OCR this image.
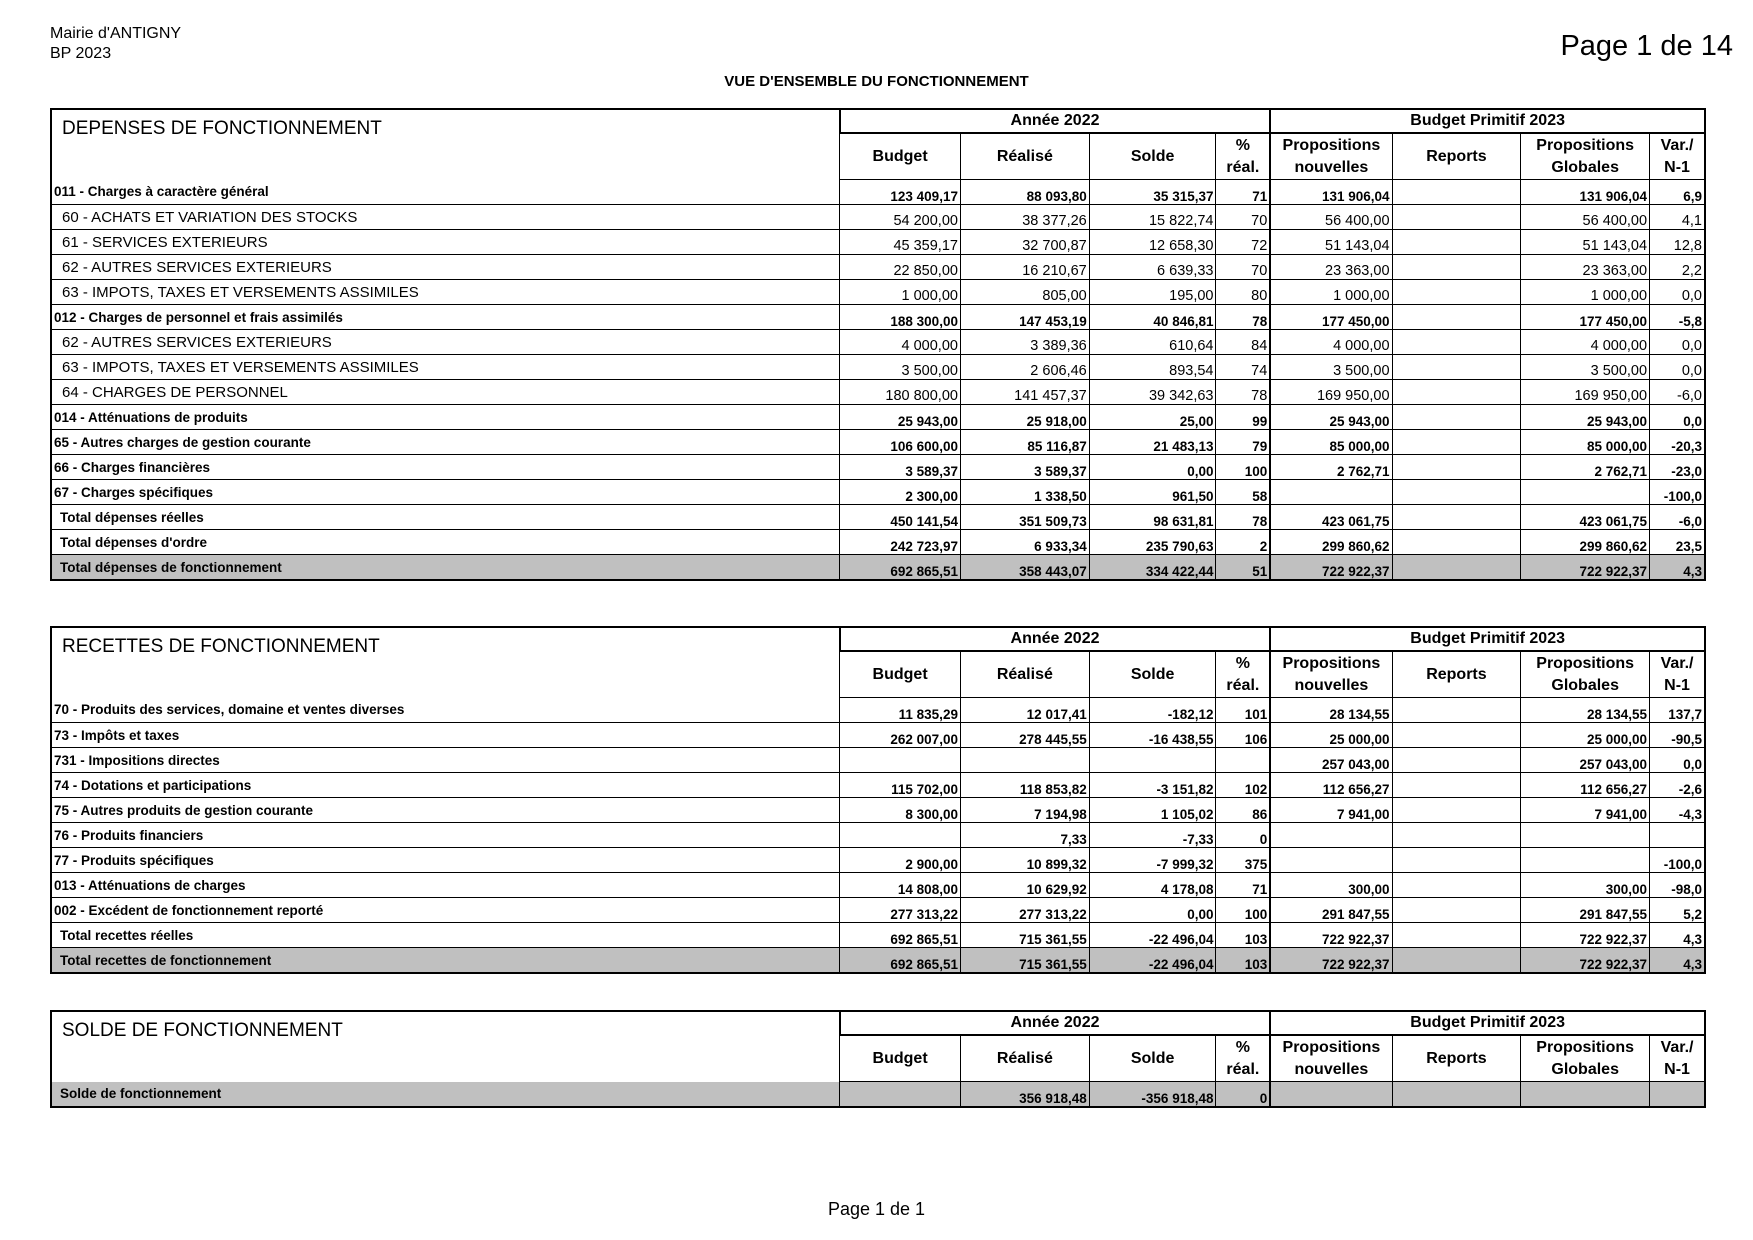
Mairie d'ANTIGNY
BP 2023	Page 1 de 14
VUE D'ENSEMBLE DU FONCTIONNEMENT
DEPENSES DE FONCTIONNEMENT	Année 2022				Budget Primitif 2023			
	Budget	Réalisé	Solde	% réal.	Propositions nouvelles	Reports	Propositions Globales	Var./ N-1
011 - Charges à caractère général	123 409,17	88 093,80	35 315,37	71	131 906,04		131 906,04	6,9
60 - ACHATS ET VARIATION DES STOCKS	54 200,00	38 377,26	15 822,74	70	56 400,00		56 400,00	4,1
61 - SERVICES EXTERIEURS	45 359,17	32 700,87	12 658,30	72	51 143,04		51 143,04	12,8
62 - AUTRES SERVICES EXTERIEURS	22 850,00	16 210,67	6 639,33	70	23 363,00		23 363,00	2,2
63 - IMPOTS, TAXES ET VERSEMENTS ASSIMILES	1 000,00	805,00	195,00	80	1 000,00		1 000,00	0,0
012 - Charges de personnel et frais assimilés	188 300,00	147 453,19	40 846,81	78	177 450,00		177 450,00	-5,8
62 - AUTRES SERVICES EXTERIEURS	4 000,00	3 389,36	610,64	84	4 000,00		4 000,00	0,0
63 - IMPOTS, TAXES ET VERSEMENTS ASSIMILES	3 500,00	2 606,46	893,54	74	3 500,00		3 500,00	0,0
64 - CHARGES DE PERSONNEL	180 800,00	141 457,37	39 342,63	78	169 950,00		169 950,00	-6,0
014 - Atténuations de produits	25 943,00	25 918,00	25,00	99	25 943,00		25 943,00	0,0
65 - Autres charges de gestion courante	106 600,00	85 116,87	21 483,13	79	85 000,00		85 000,00	-20,3
66 - Charges financières	3 589,37	3 589,37	0,00	100	2 762,71		2 762,71	-23,0
67 - Charges spécifiques	2 300,00	1 338,50	961,50	58				-100,0
Total dépenses réelles	450 141,54	351 509,73	98 631,81	78	423 061,75		423 061,75	-6,0
Total dépenses d'ordre	242 723,97	6 933,34	235 790,63	2	299 860,62		299 860,62	23,5
Total dépenses de fonctionnement	692 865,51	358 443,07	334 422,44	51	722 922,37		722 922,37	4,3
RECETTES DE FONCTIONNEMENT	Année 2022				Budget Primitif 2023			
	Budget	Réalisé	Solde	% réal.	Propositions nouvelles	Reports	Propositions Globales	Var./ N-1
70 - Produits des services, domaine et ventes diverses	11 835,29	12 017,41	-182,12	101	28 134,55		28 134,55	137,7
73 - Impôts et taxes	262 007,00	278 445,55	-16 438,55	106	25 000,00		25 000,00	-90,5
731 - Impositions directes					257 043,00		257 043,00	0,0
74 - Dotations et participations	115 702,00	118 853,82	-3 151,82	102	112 656,27		112 656,27	-2,6
75 - Autres produits de gestion courante	8 300,00	7 194,98	1 105,02	86	7 941,00		7 941,00	-4,3
76 - Produits financiers		7,33	-7,33	0				
77 - Produits spécifiques	2 900,00	10 899,32	-7 999,32	375				-100,0
013 - Atténuations de charges	14 808,00	10 629,92	4 178,08	71	300,00		300,00	-98,0
002 - Excédent de fonctionnement reporté	277 313,22	277 313,22	0,00	100	291 847,55		291 847,55	5,2
Total recettes réelles	692 865,51	715 361,55	-22 496,04	103	722 922,37		722 922,37	4,3
Total recettes de fonctionnement	692 865,51	715 361,55	-22 496,04	103	722 922,37		722 922,37	4,3
SOLDE DE FONCTIONNEMENT	Année 2022				Budget Primitif 2023			
	Budget	Réalisé	Solde	% réal.	Propositions nouvelles	Reports	Propositions Globales	Var./ N-1
Solde de fonctionnement		356 918,48	-356 918,48	0				
Page 1 de 1
